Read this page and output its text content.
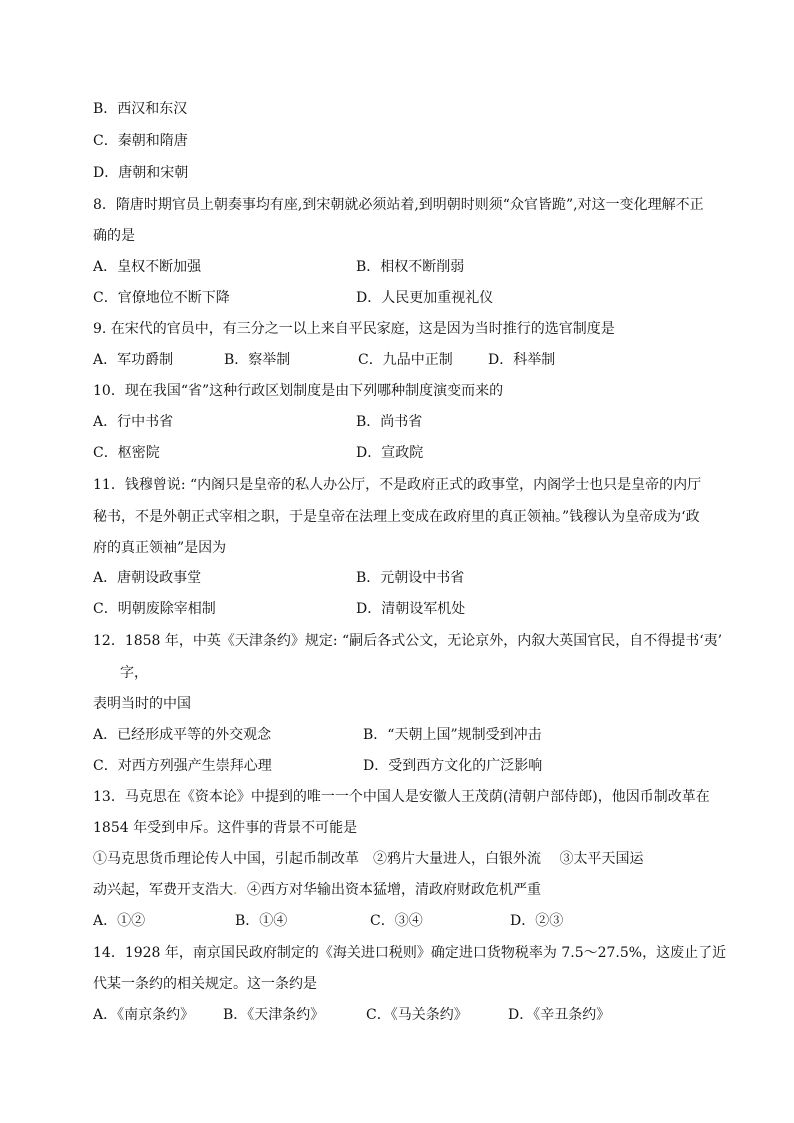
B．西汉和东汉
C．秦朝和隋唐
D．唐朝和宋朝
8．隋唐时期官员上朝奏事均有座,到宋朝就必须站着,到明朝时则须“众官皆跪”,对这一变化理解不正
确的是
A．皇权不断加强	B．相权不断削弱
C．官僚地位不断下降	D．人民更加重视礼仪
9. 在宋代的官员中，有三分之一以上来自平民家庭，这是因为当时推行的选官制度是
A．军功爵制	B．察举制	C．九品中正制	D．科举制
10．现在我国“省”这种行政区划制度是由下列哪种制度演变而来的
A．行中书省	B．尚书省
C．枢密院	D．宣政院
11．钱穆曾说: “内阁只是皇帝的私人办公厅，不是政府正式的政事堂，内阁学士也只是皇帝的内厅
秘书，不是外朝正式宰相之职，于是皇帝在法理上变成在政府里的真正领袖。”钱穆认为皇帝成为‘政
府的真正领袖”是因为
A．唐朝设政事堂	B．元朝设中书省
C．明朝废除宰相制	D．清朝设军机处
12．1858 年，中英《天津条约》规定: “嗣后各式公文，无论京外，内叙大英国官民，自不得提书‘夷’
字，
表明当时的中国
A．已经形成平等的外交观念	B．“天朝上国”规制受到冲击
C．对西方列强产生崇拜心理	D．受到西方文化的广泛影响
13．马克思在《资本论》中提到的唯一一个中国人是安徽人王茂荫(清朝户部侍郎)，他因币制改革在
1854 年受到申斥。这件事的背景不可能是
①马克思货币理论传人中国，引起币制改革　②鸦片大量进人，白银外流　 ③太平天国运
动兴起，军费开支浩大．④西方对华输出资本猛增，清政府财政危机严重
A．①②	B．①④	C．③④	D．②③
14．1928 年，南京国民政府制定的《海关进口税则》确定进口货物税率为 7.5～27.5%，这废止了近
代某一条约的相关规定。这一条约是
A．《南京条约》 B．《天津条约》	C．《马关条约》	D．《辛丑条约》
